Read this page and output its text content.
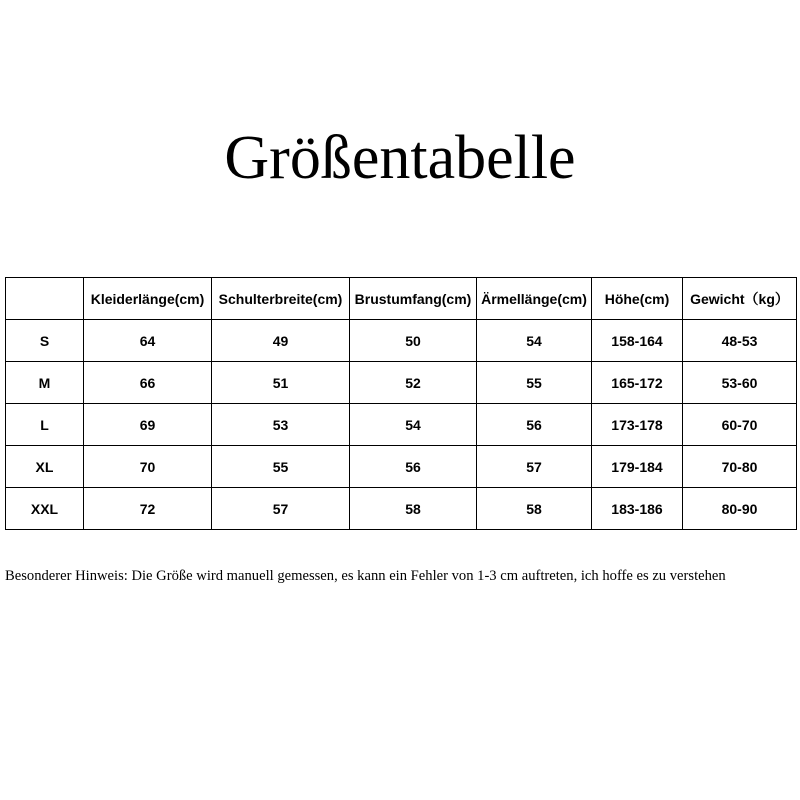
Größentabelle
	Kleiderlänge(cm)	Schulterbreite(cm)	Brustumfang(cm)	Ärmellänge(cm)	Höhe(cm)	Gewicht（kg）
S	64	49	50	54	158-164	48-53
M	66	51	52	55	165-172	53-60
L	69	53	54	56	173-178	60-70
XL	70	55	56	57	179-184	70-80
XXL	72	57	58	58	183-186	80-90

Besonderer Hinweis: Die Größe wird manuell gemessen, es kann ein Fehler von 1-3 cm auftreten, ich hoffe es zu verstehen
